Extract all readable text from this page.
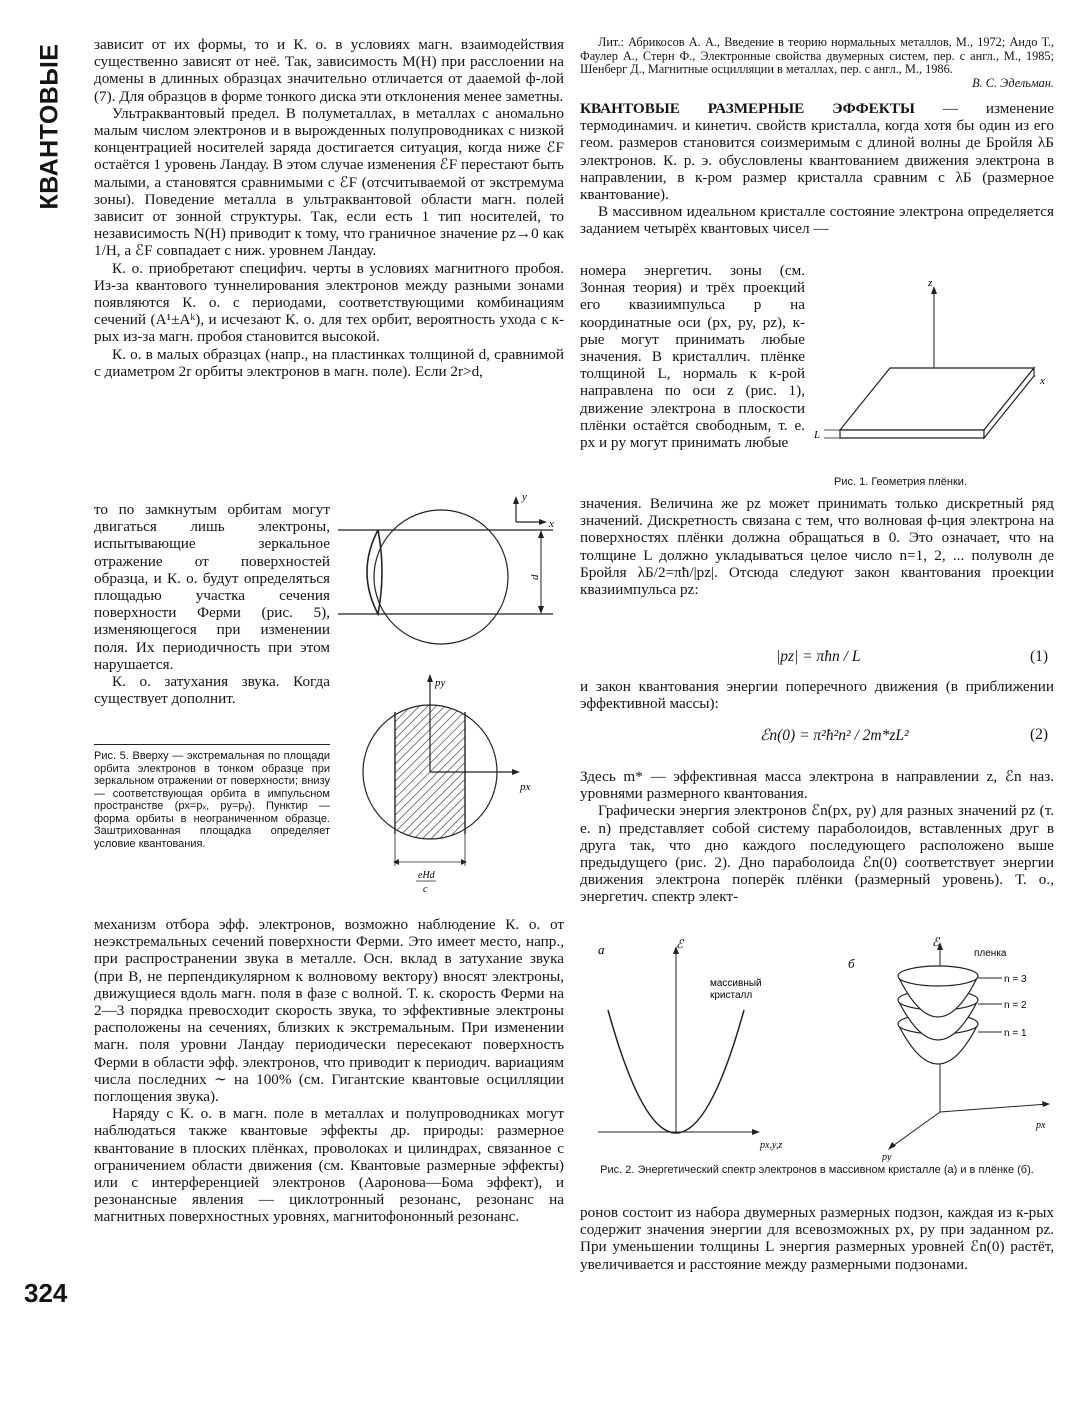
КВАНТОВЫЕ
324

зависит от их формы, то и К. о. в условиях магн. взаимодействия существенно зависят от неё. Так, зависимость M(H) при расслоении на домены в длинных образцах значительно отличается от дааемой ф-лой (7). Для образцов в форме тонкого диска эти отклонения менее заметны.

Ультраквантовый предел. В полуметаллах, в металлах с аномально малым числом электронов и в вырожденных полупроводниках с низкой концентрацией носителей заряда достигается ситуация, когда ниже ℰF остаётся 1 уровень Ландау. В этом случае изменения ℰF перестают быть малыми, а становятся сравнимыми с ℰF (отсчитываемой от экстремума зоны). Поведение металла в ультраквантовой области магн. полей зависит от зонной структуры. Так, если есть 1 тип носителей, то независимость N(H) приводит к тому, что граничное значение pz→0 как 1/H, а ℰF совпадает с ниж. уровнем Ландау.

К. о. приобретают специфич. черты в условиях магнитного пробоя. Из-за квантового туннелирования электронов между разными зонами появляются К. о. с периодами, соответствующими комбинациям сечений (A¹±Aᵏ), и исчезают К. о. для тех орбит, вероятность ухода с к-рых из-за магн. пробоя становится высокой.

К. о. в малых образцах (напр., на пластинках толщиной d, сравнимой с диаметром 2r орбиты электронов в магн. поле). Если 2r>d,

то по замкнутым орбитам могут двигаться лишь электроны, испытывающие зеркальное отражение от поверхностей образца, и К. о. будут определяться площадью участка сечения поверхности Ферми (рис. 5), изменяющегося при изменении поля. Их периодичность при этом нарушается.

К. о. затухания звука. Когда существует дополнит.

Рис. 5. Вверху — экстремальная по площади орбита электронов в тонком образце при зеркальном отражении от поверхности; внизу — соответствующая орбита в импульсном пространстве (px=pₓ, py=pᵧ). Пунктир — форма орбиты в неограниченном образце. Заштрихованная площадка определяет условие квантования.
y
x
d
py
px
eHd
c

механизм отбора эфф. электронов, возможно наблюдение К. о. от неэкстремальных сечений поверхности Ферми. Это имеет место, напр., при распространении звука в металле. Осн. вклад в затухание звука (при B, не перпендикулярном к волновому вектору) вносят электроны, движущиеся вдоль магн. поля в фазе с волной. Т. к. скорость Ферми на 2—3 порядка превосходит скорость звука, то эффективные электроны расположены на сечениях, близких к экстремальным. При изменении магн. поля уровни Ландау периодически пересекают поверхность Ферми в области эфф. электронов, что приводит к периодич. вариациям числа последних ∼ на 100% (см. Гигантские квантовые осцилляции поглощения звука).

Наряду с К. о. в магн. поле в металлах и полупроводниках могут наблюдаться также квантовые эффекты др. природы: размерное квантование в плоских плёнках, проволоках и цилиндрах, связанное с ограничением области движения (см. Квантовые размерные эффекты) или с интерференцией электронов (Ааронова—Бома эффект), и резонансные явления — циклотронный резонанс, резонанс на магнитных поверхностных уровнях, магнитофононный резонанс.

Лит.: Абрикосов А. А., Введение в теорию нормальных металлов, М., 1972; Андо Т., Фаулер А., Стерн Ф., Электронные свойства двумерных систем, пер. с англ., М., 1985; Шенберг Д., Магнитные осцилляции в металлах, пер. с англ., М., 1986.

В. С. Эдельман.

КВАНТОВЫЕ РАЗМЕРНЫЕ ЭФФЕКТЫ — изменение термодинамич. и кинетич. свойств кристалла, когда хотя бы один из его геом. размеров становится соизмеримым с длиной волны де Бройля λБ электронов. К. р. э. обусловлены квантованием движения электрона в направлении, в к-ром размер кристалла сравним с λБ (размерное квантование).

В массивном идеальном кристалле состояние электрона определяется заданием четырёх квантовых чисел —

номера энергетич. зоны (см. Зонная теория) и трёх проекций его квазиимпульса p на координатные оси (px, py, pz), к-рые могут принимать любые значения. В кристаллич. плёнке толщиной L, нормаль к к-рой направлена по оси z (рис. 1), движение электрона в плоскости плёнки остаётся свободным, т. е. px и py могут принимать любые

z
x
L
Рис. 1. Геометрия плёнки.

значения. Величина же pz может принимать только дискретный ряд значений. Дискретность связана с тем, что волновая ф-ция электрона на поверхностях плёнки должна обращаться в 0. Это означает, что на толщине L должно укладываться целое число n=1, 2, ... полуволн де Бройля λБ/2=πħ/|pz|. Отсюда следуют закон квантования проекции квазиимпульса pz:

|pz| = πħn / L	(1)

и закон квантования энергии поперечного движения (в приближении эффективной массы):

ℰn(0) = π²ħ²n² / 2m*zL²	(2)

Здесь m* — эффективная масса электрона в направлении z, ℰn наз. уровнями размерного квантования.

Графически энергия электронов ℰn(px, py) для разных значений pz (т. е. n) представляет собой систему параболоидов, вставленных друг в друга так, что дно каждого последующего расположено выше предыдущего (рис. 2). Дно параболоида ℰn(0) соответствует энергии движения электрона поперёк плёнки (размерный уровень). Т. о., энергетич. спектр элект-

а	ℰ
px,y,z
массивный
кристалл
б
ℰ
px
py
пленка
n = 3
n = 2
n = 1
Рис. 2. Энергетический спектр электронов в массивном кристалле (а) и в плёнке (б).

ронов состоит из набора двумерных размерных подзон, каждая из к-рых содержит значения энергии для всевозможных px, py при заданном pz. При уменьшении толщины L энергия размерных уровней ℰn(0) растёт, увеличивается и расстояние между размерными подзонами.
